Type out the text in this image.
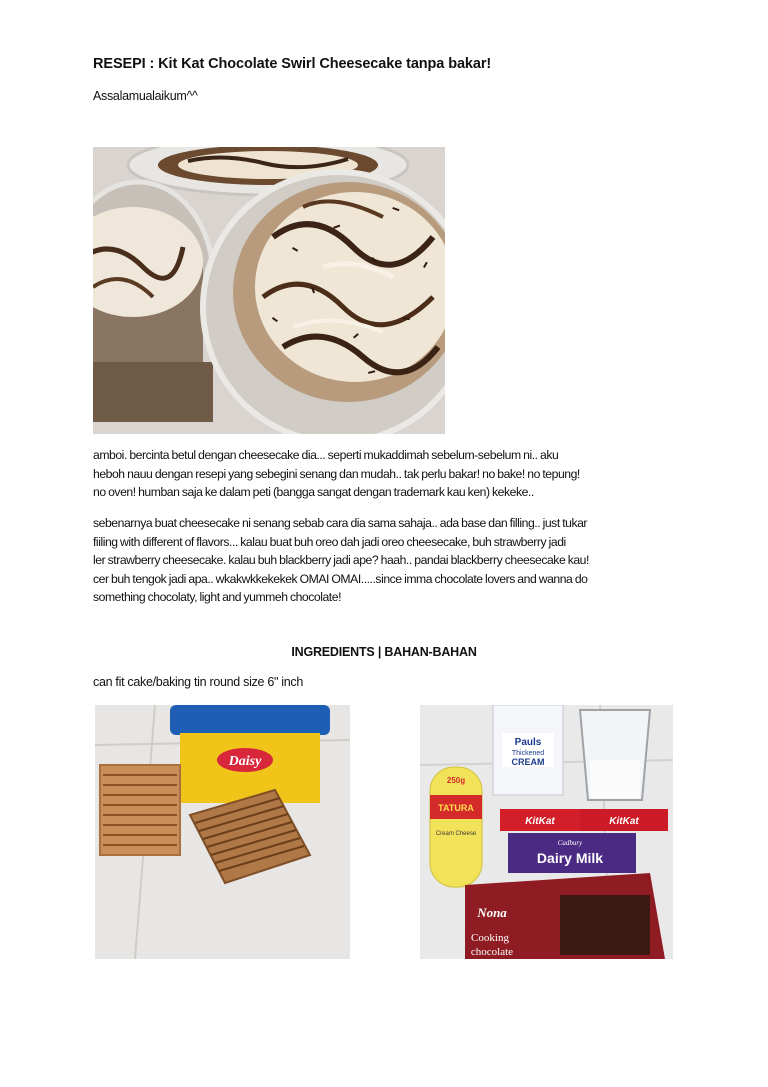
RESEPI : Kit Kat Chocolate Swirl Cheesecake tanpa bakar!
Assalamualaikum^^
amboi. bercinta betul dengan cheesecake dia... seperti mukaddimah sebelum-sebelum ni.. aku
heboh nauu dengan resepi yang sebegini senang dan mudah.. tak perlu bakar! no bake! no tepung!
no oven! humban saja ke dalam peti (bangga sangat dengan trademark kau ken) kekeke..
sebenarnya buat cheesecake ni senang sebab cara dia sama sahaja.. ada base dan filling.. just tukar
fiiling with different of flavors... kalau buat buh oreo dah jadi oreo cheesecake, buh strawberry jadi
ler strawberry cheesecake. kalau buh blackberry jadi ape? haah.. pandai blackberry cheesecake kau!
cer buh tengok jadi apa.. wkakwkkekekek OMAI OMAI.....since imma chocolate lovers and wanna do
something chocolaty, light and yummeh chocolate!
INGREDIENTS | BAHAN-BAHAN
can fit cake/baking tin round size 6" inch
Daisy
Pauls
Thickened
CREAM
250g
TATURA
Cream Cheese
KitKat	KitKat
Cadbury
Dairy Milk
Nona
Cooking
chocolate
